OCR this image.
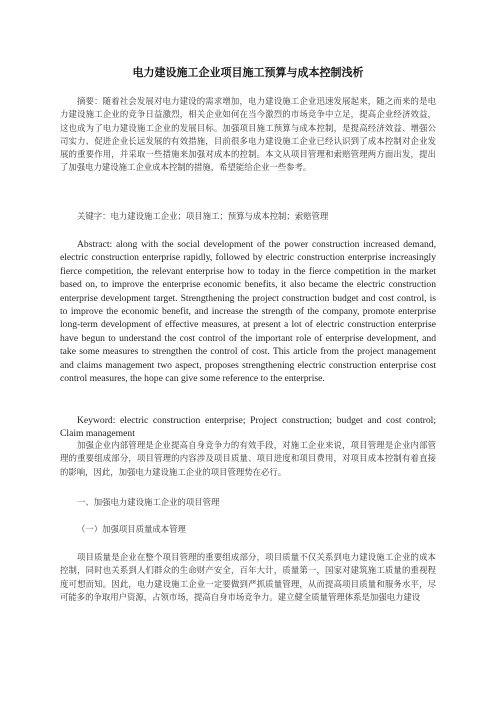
电力建设施工企业项目施工预算与成本控制浅析

摘要：随着社会发展对电力建设的需求增加，电力建设施工企业迅速发展起来，随之而来的是电力建设施工企业的竞争日益激烈，相关企业如何在当今激烈的市场竞争中立足，提高企业经济效益，这也成为了电力建设施工企业的发展目标。加强项目施工预算与成本控制，是提高经济效益、增强公司实力、促进企业长远发展的有效措施，目前很多电力建设施工企业已经认识到了成本控制对企业发展的重要作用，并采取一些措施来加强对成本的控制。本文从项目管理和索赔管理两方面出发，提出了加强电力建设施工企业成本控制的措施，希望能给企业一些参考。

关键字：电力建设施工企业；项目施工；预算与成本控制；索赔管理

Abstract: along with the social development of the power construction increased demand, electric construction enterprise rapidly, followed by electric construction enterprise increasingly fierce competition, the relevant enterprise how to today in the fierce competition in the market based on, to improve the enterprise economic benefits, it also became the electric construction enterprise development target. Strengthening the project construction budget and cost control, is to improve the economic benefit, and increase the strength of the company, promote enterprise long-term development of effective measures, at present a lot of electric construction enterprise have begun to understand the cost control of the important role of enterprise development, and take some measures to strengthen the control of cost. This article from the project management and claims management two aspect, proposes strengthening electric construction enterprise cost control measures, the hope can give some reference to the enterprise.

Keyword: electric construction enterprise; Project construction; budget and cost control; Claim management

加强企业内部管理是企业提高自身竞争力的有效手段，对施工企业来说，项目管理是企业内部管理的重要组成部分，项目管理的内容涉及项目质量、项目进度和项目费用，对项目成本控制有着直接的影响，因此，加强电力建设施工企业的项目管理势在必行。

一、加强电力建设施工企业的项目管理

（一）加强项目质量成本管理

项目质量是企业在整个项目管理的重要组成部分，项目质量不仅关系到电力建设施工企业的成本控制，同时也关系到人们群众的生命财产安全，百年大计，质量第一，国家对建筑施工质量的重视程度可想而知。因此，电力建设施工企业一定要做到严抓质量管理，从而提高项目质量和服务水平，尽可能多的争取用户资源，占领市场，提高自身市场竞争力。建立健全质量管理体系是加强电力建设
